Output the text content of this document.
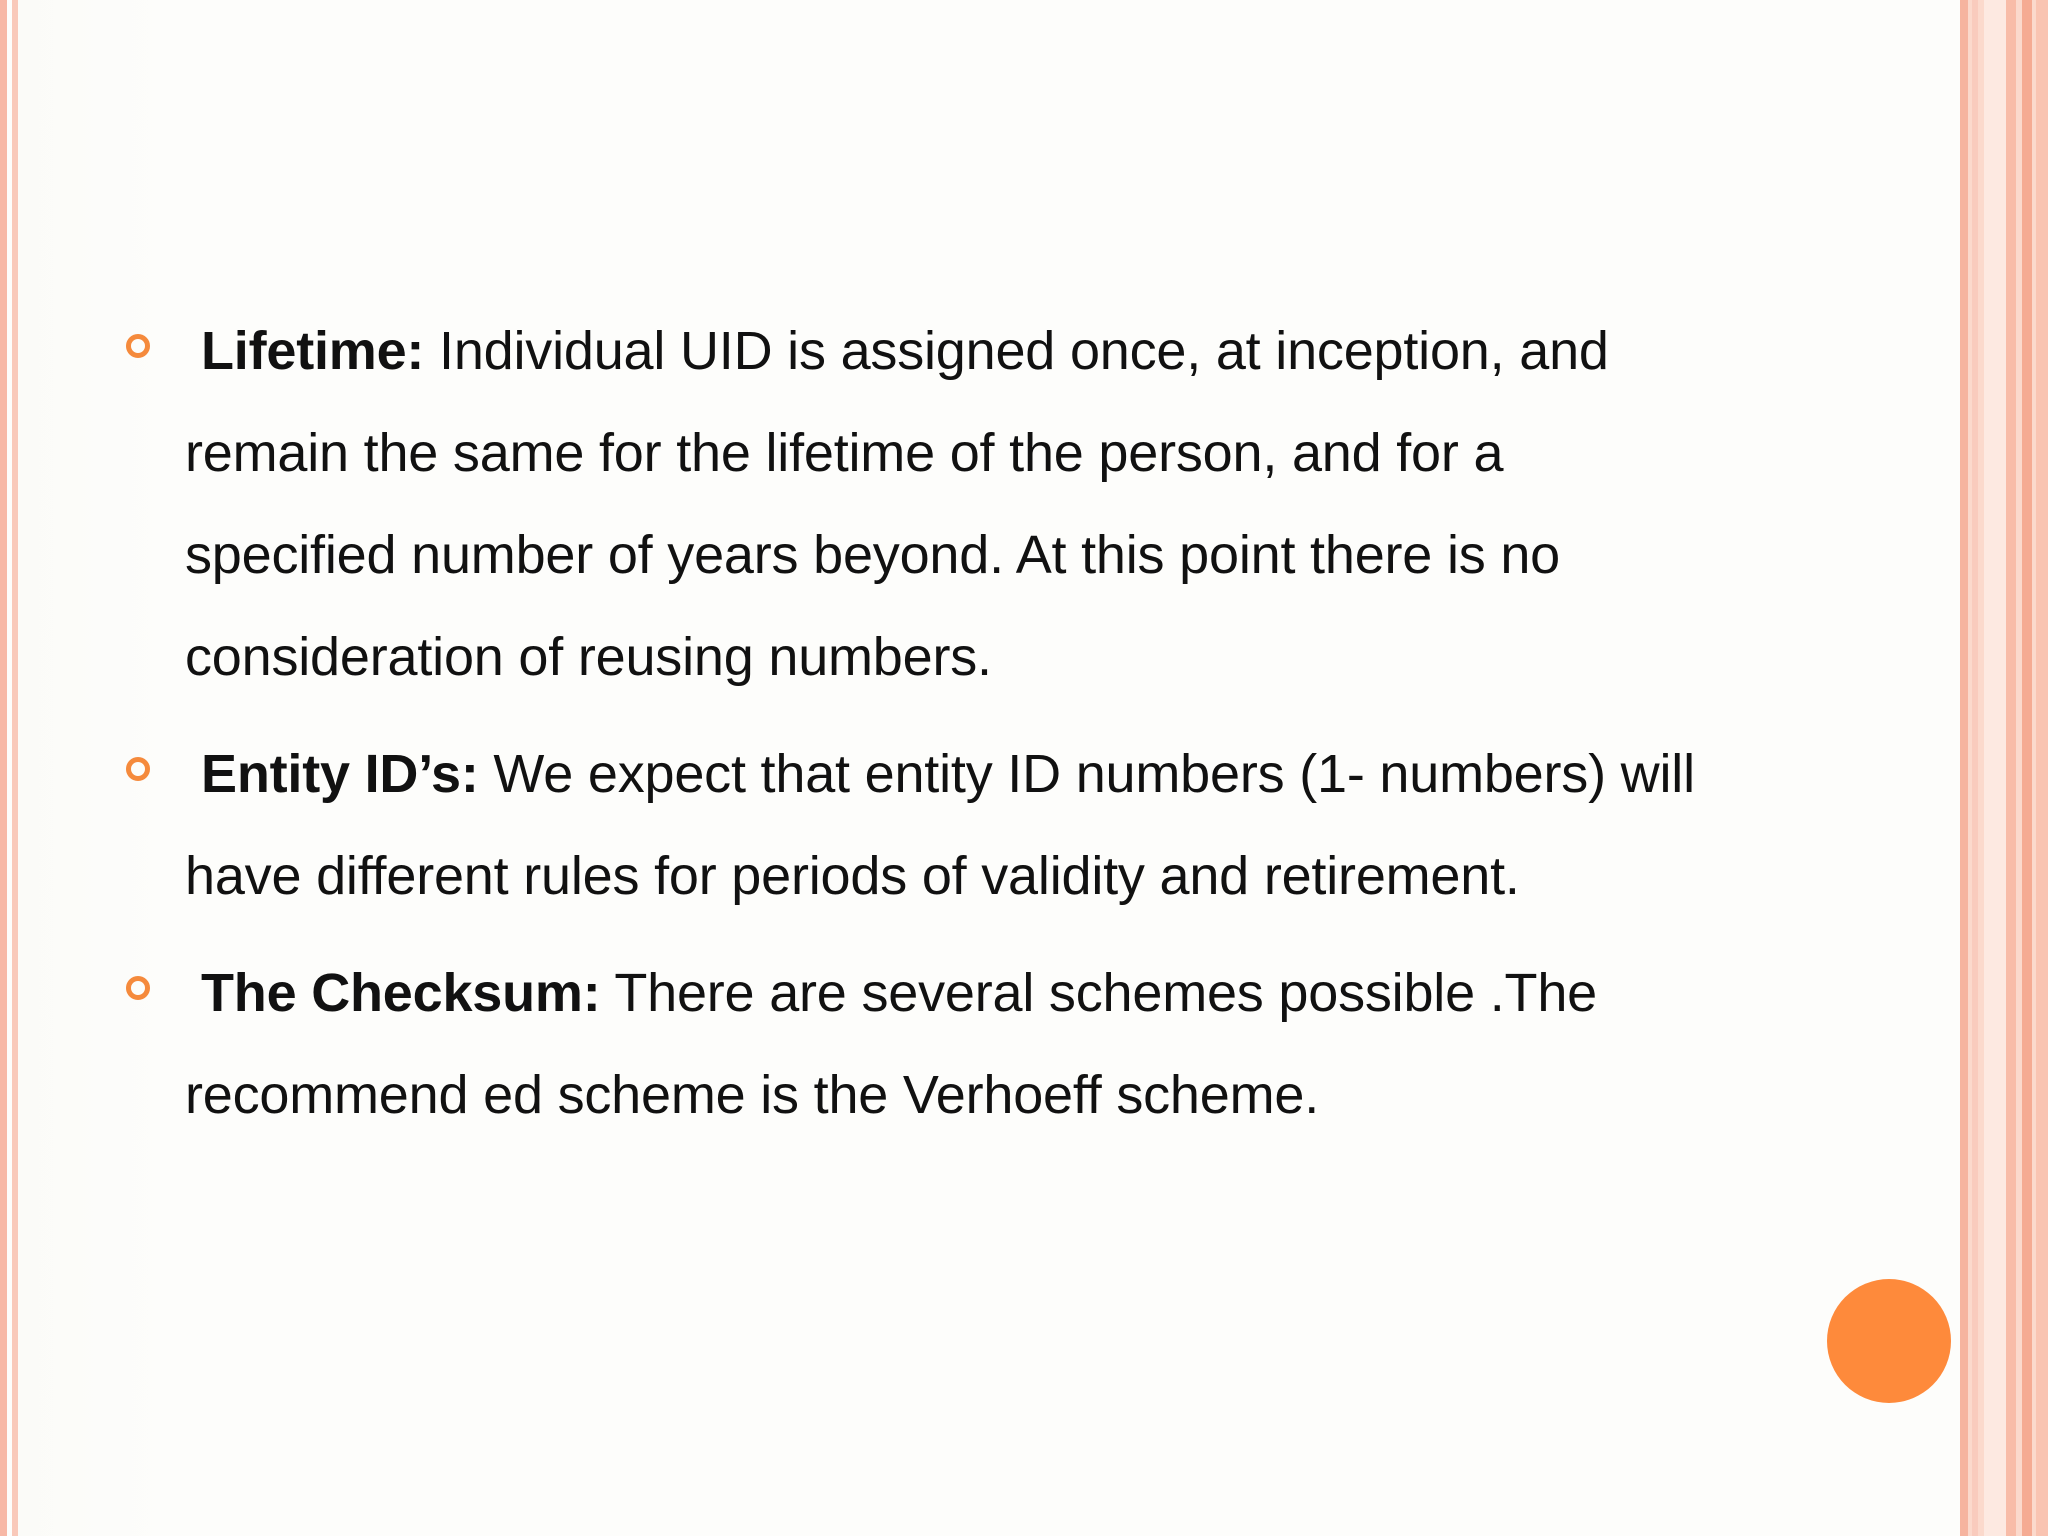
Lifetime: Individual UID is assigned once, at inception, and remain the same for the lifetime of the person, and for a specified number of years beyond. At this point there is no consideration of reusing numbers.
Entity ID’s: We expect that entity ID numbers (1- numbers) will have different rules for periods of validity and retirement.
The Checksum: There are several schemes possible .The recommend ed scheme is the Verhoeff scheme.
